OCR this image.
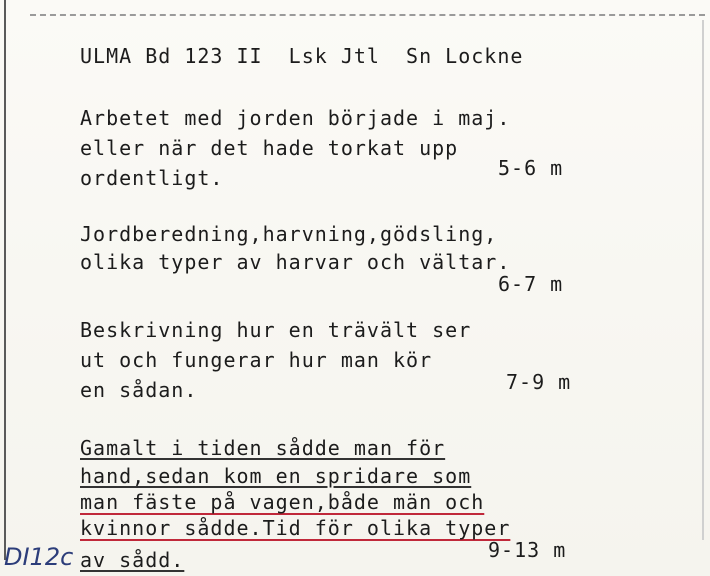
ULMA Bd 123 II  Lsk Jtl  Sn Lockne
Arbetet med jorden började i maj.
eller när det hade torkat upp
ordentligt.	5-6 m
Jordberedning,harvning,gödsling,
olika typer av harvar och vältar.
6-7 m
Beskrivning hur en trävält ser
ut och fungerar hur man kör
en sådan.	7-9 m
Gamalt i tiden sådde man för
hand,sedan kom en spridare som
man fäste på vagen,både män och
kvinnor sådde.Tid för olika typer
av sådd.	9-13 m
DI12c
